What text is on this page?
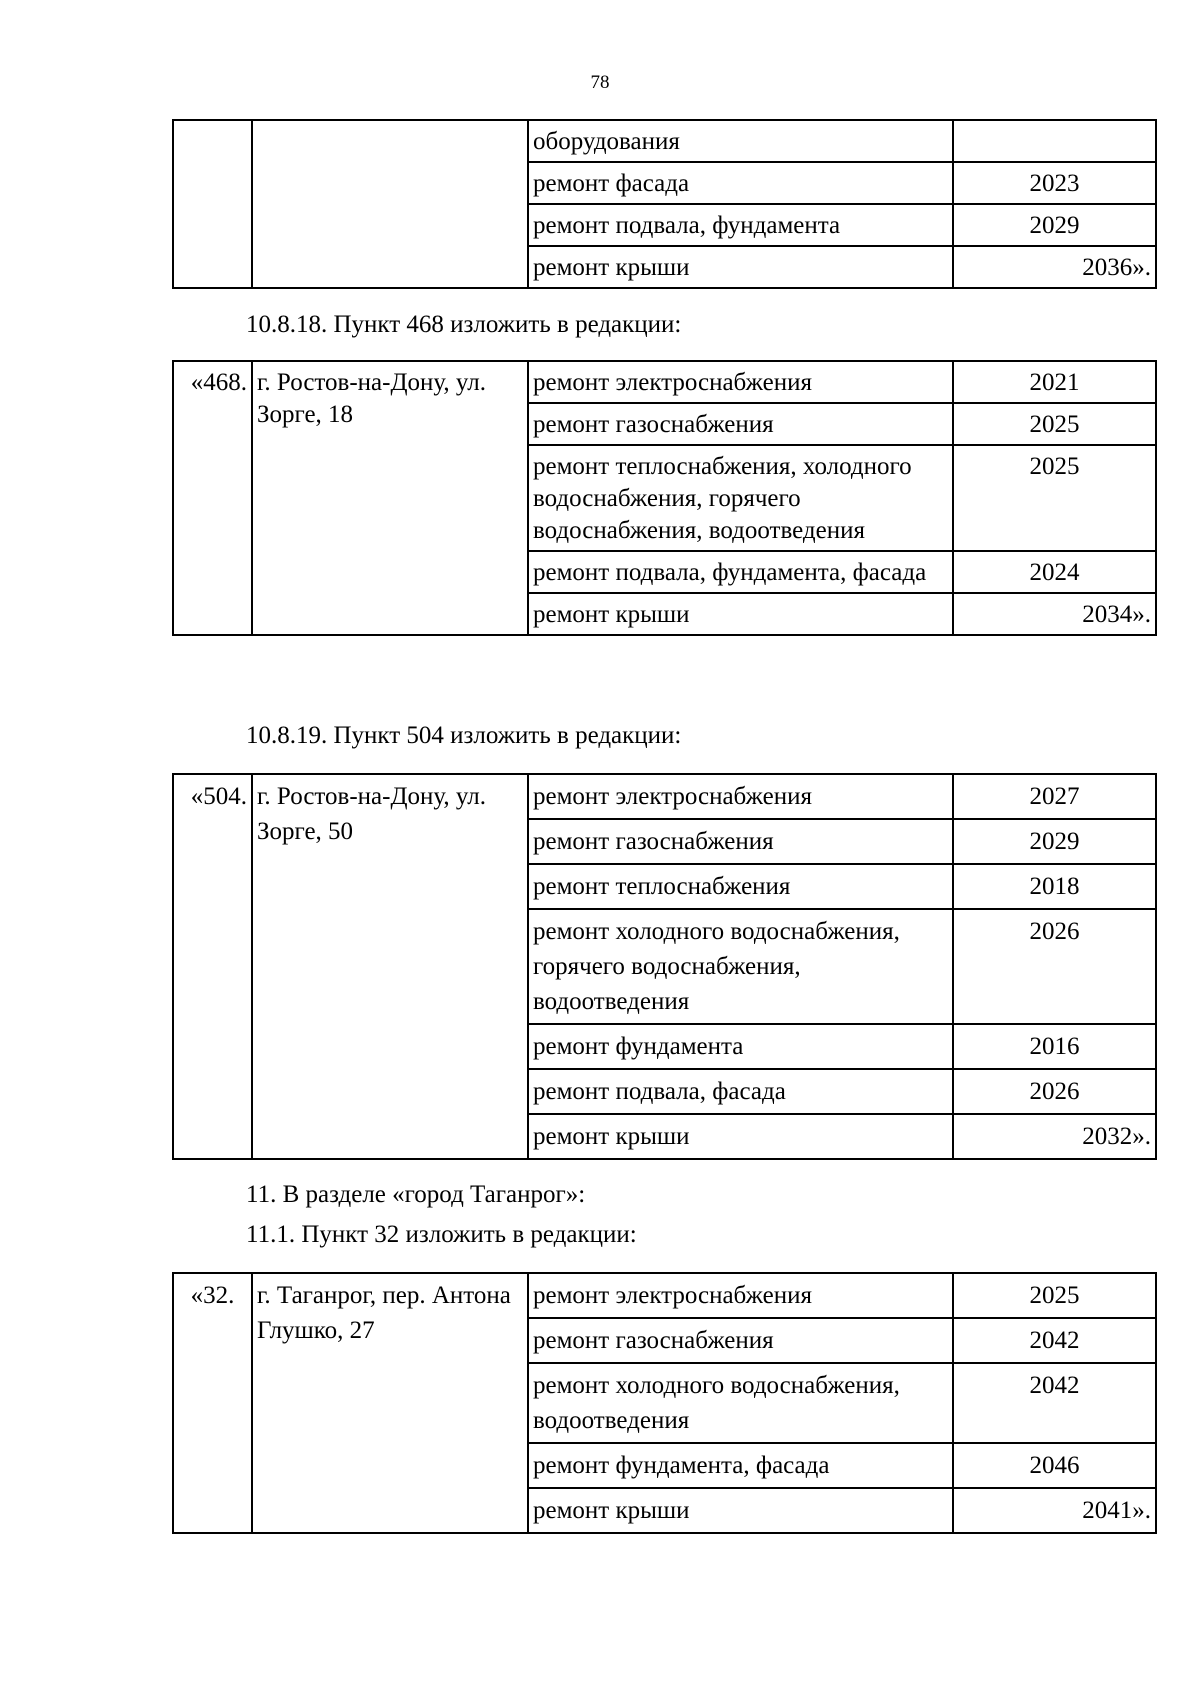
78
		оборудования	
		ремонт фасада	2023
		ремонт подвала, фундамента	2029
		ремонт крыши	2036».
10.8.18. Пункт 468 изложить в редакции:
«468.	г. Ростов-на-Дону, ул. Зорге, 18	ремонт электроснабжения	2021
		ремонт газоснабжения	2025
		ремонт теплоснабжения, холодного водоснабжения, горячего водоснабжения, водоотведения	2025
		ремонт подвала, фундамента, фасада	2024
		ремонт крыши	2034».
10.8.19. Пункт 504 изложить в редакции:
«504.	г. Ростов-на-Дону, ул. Зорге, 50	ремонт электроснабжения	2027
		ремонт газоснабжения	2029
		ремонт теплоснабжения	2018
		ремонт холодного водоснабжения, горячего водоснабжения, водоотведения	2026
		ремонт фундамента	2016
		ремонт подвала, фасада	2026
		ремонт крыши	2032».
11. В разделе «город Таганрог»:
11.1. Пункт 32 изложить в редакции:
«32.	г. Таганрог, пер. Антона Глушко, 27	ремонт электроснабжения	2025
		ремонт газоснабжения	2042
		ремонт холодного водоснабжения, водоотведения	2042
		ремонт фундамента, фасада	2046
		ремонт крыши	2041».
